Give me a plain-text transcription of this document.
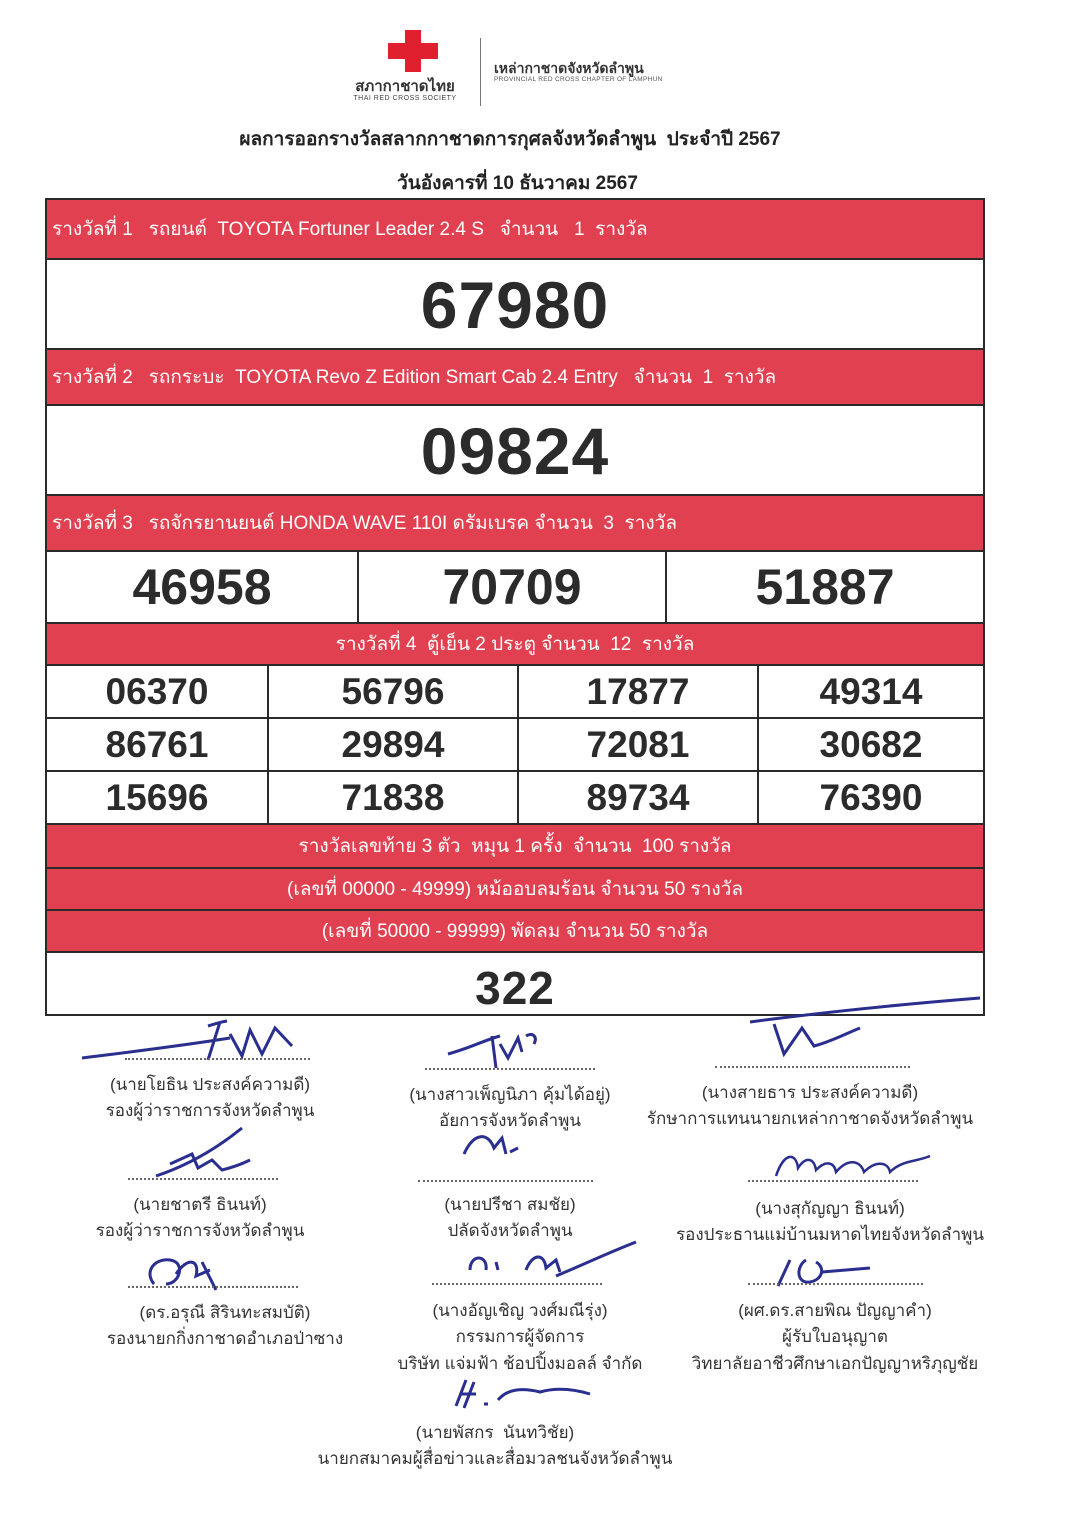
สภากาชาดไทย
THAI RED CROSS SOCIETY
เหล่ากาชาดจังหวัดลำพูน
PROVINCIAL RED CROSS CHAPTER OF LAMPHUN
ผลการออกรางวัลสลากกาชาดการกุศลจังหวัดลำพูน  ประจำปี 2567
วันอังคารที่ 10 ธันวาคม 2567
รางวัลที่ 1   รถยนต์  TOYOTA Fortuner Leader 2.4 S   จำนวน   1  รางวัล
67980
รางวัลที่ 2   รถกระบะ  TOYOTA Revo Z Edition Smart Cab 2.4 Entry   จำนวน  1  รางวัล
09824
รางวัลที่ 3   รถจักรยานยนต์ HONDA WAVE 110I ดรัมเบรค จำนวน  3  รางวัล
46958	70709	51887
รางวัลที่ 4  ตู้เย็น 2 ประตู จำนวน  12  รางวัล
06370	56796	17877	49314
86761	29894	72081	30682
15696	71838	89734	76390
รางวัลเลขท้าย 3 ตัว  หมุน 1 ครั้ง  จำนวน  100 รางวัล
(เลขที่ 00000 - 49999) หม้ออบลมร้อน จำนวน 50 รางวัล
(เลขที่ 50000 - 99999) พัดลม จำนวน 50 รางวัล
322
(นายโยธิน ประสงค์ความดี)
รองผู้ว่าราชการจังหวัดลำพูน
(นางสาวเพ็ญนิภา คุ้มได้อยู่)
อัยการจังหวัดลำพูน
(นางสายธาร ประสงค์ความดี)
รักษาการแทนนายกเหล่ากาชาดจังหวัดลำพูน
(นายชาตรี ธินนท์)
รองผู้ว่าราชการจังหวัดลำพูน
(นายปรีชา สมชัย)
ปลัดจังหวัดลำพูน
(นางสุกัญญา ธินนท์)
รองประธานแม่บ้านมหาดไทยจังหวัดลำพูน
(ดร.อรุณี สิรินทะสมบัติ)
รองนายกกิ่งกาชาดอำเภอป่าซาง
(นางอัญเชิญ วงศ์มณีรุ่ง)
กรรมการผู้จัดการ
บริษัท แจ่มฟ้า ช้อปปิ้งมอลล์ จำกัด
(ผศ.ดร.สายพิณ ปัญญาคำ)
ผู้รับใบอนุญาต
วิทยาลัยอาชีวศึกษาเอกปัญญาหริภุญชัย
(นายพัสกร  นันทวิชัย)
นายกสมาคมผู้สื่อข่าวและสื่อมวลชนจังหวัดลำพูน
